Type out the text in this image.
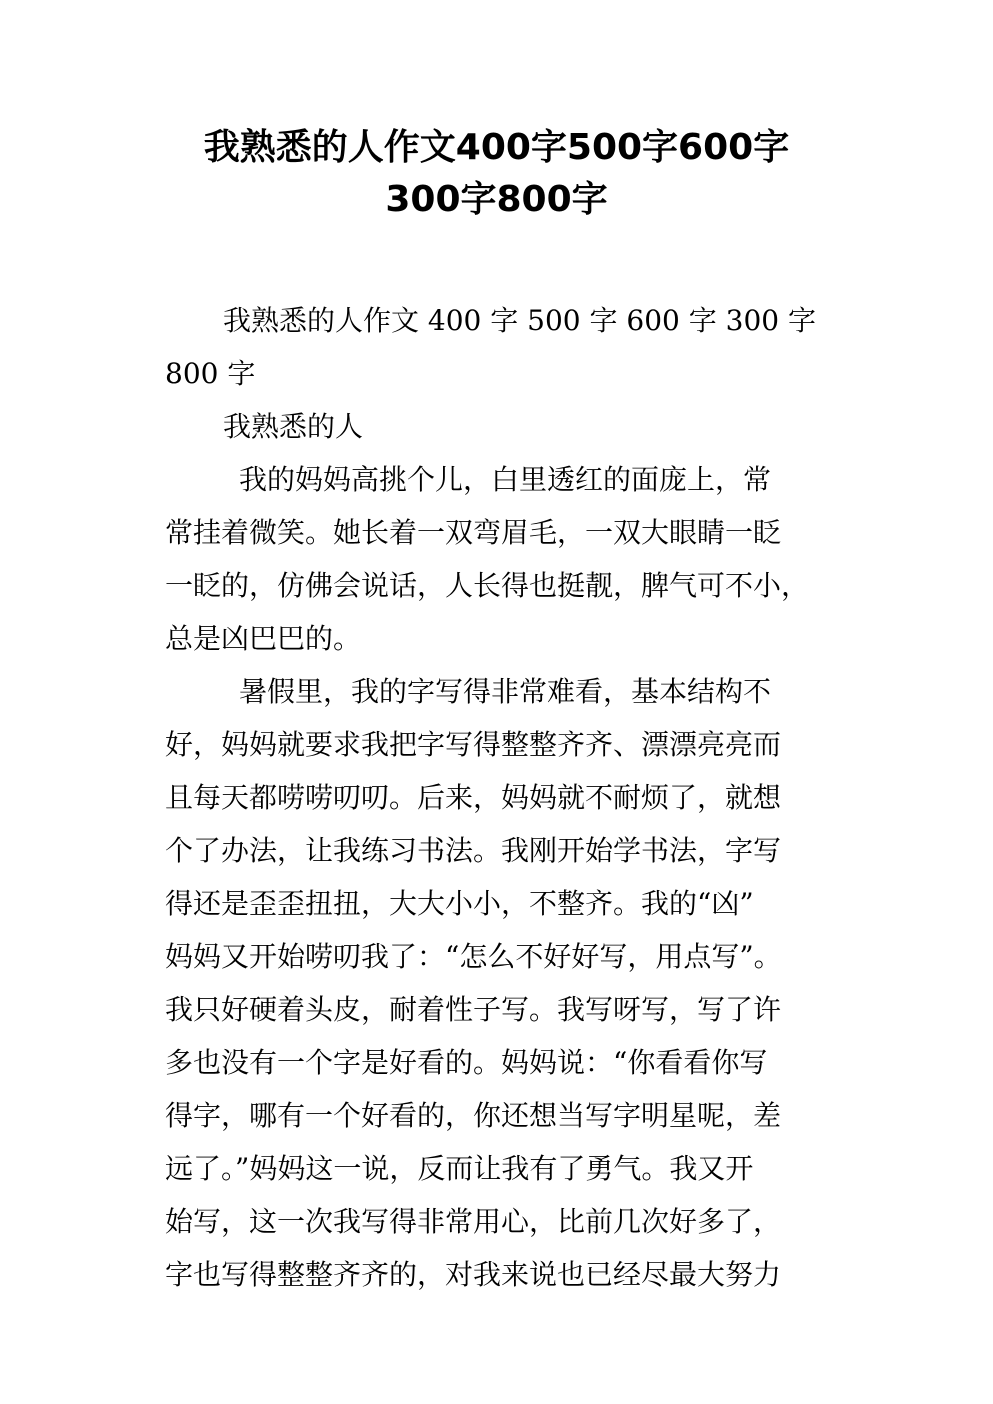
我熟悉的人作文400字500字600字
300字800字
我熟悉的人作文 400 字 500 字 600 字 300 字
800 字
我熟悉的人
我的妈妈高挑个儿，白里透红的面庞上，常
常挂着微笑。她长着一双弯眉毛，一双大眼睛一眨
一眨的，仿佛会说话，人长得也挺靓，脾气可不小，
总是凶巴巴的。
暑假里，我的字写得非常难看，基本结构不
好，妈妈就要求我把字写得整整齐齐、漂漂亮亮而
且每天都唠唠叨叨。后来，妈妈就不耐烦了，就想
个了办法，让我练习书法。我刚开始学书法，字写
得还是歪歪扭扭，大大小小，不整齐。我的“凶”
妈妈又开始唠叨我了：“怎么不好好写，用点写”。
我只好硬着头皮，耐着性子写。我写呀写，写了许
多也没有一个字是好看的。妈妈说：“你看看你写
得字，哪有一个好看的，你还想当写字明星呢，差
远了。”妈妈这一说，反而让我有了勇气。我又开
始写，这一次我写得非常用心，比前几次好多了，
字也写得整整齐齐的，对我来说也已经尽最大努力
